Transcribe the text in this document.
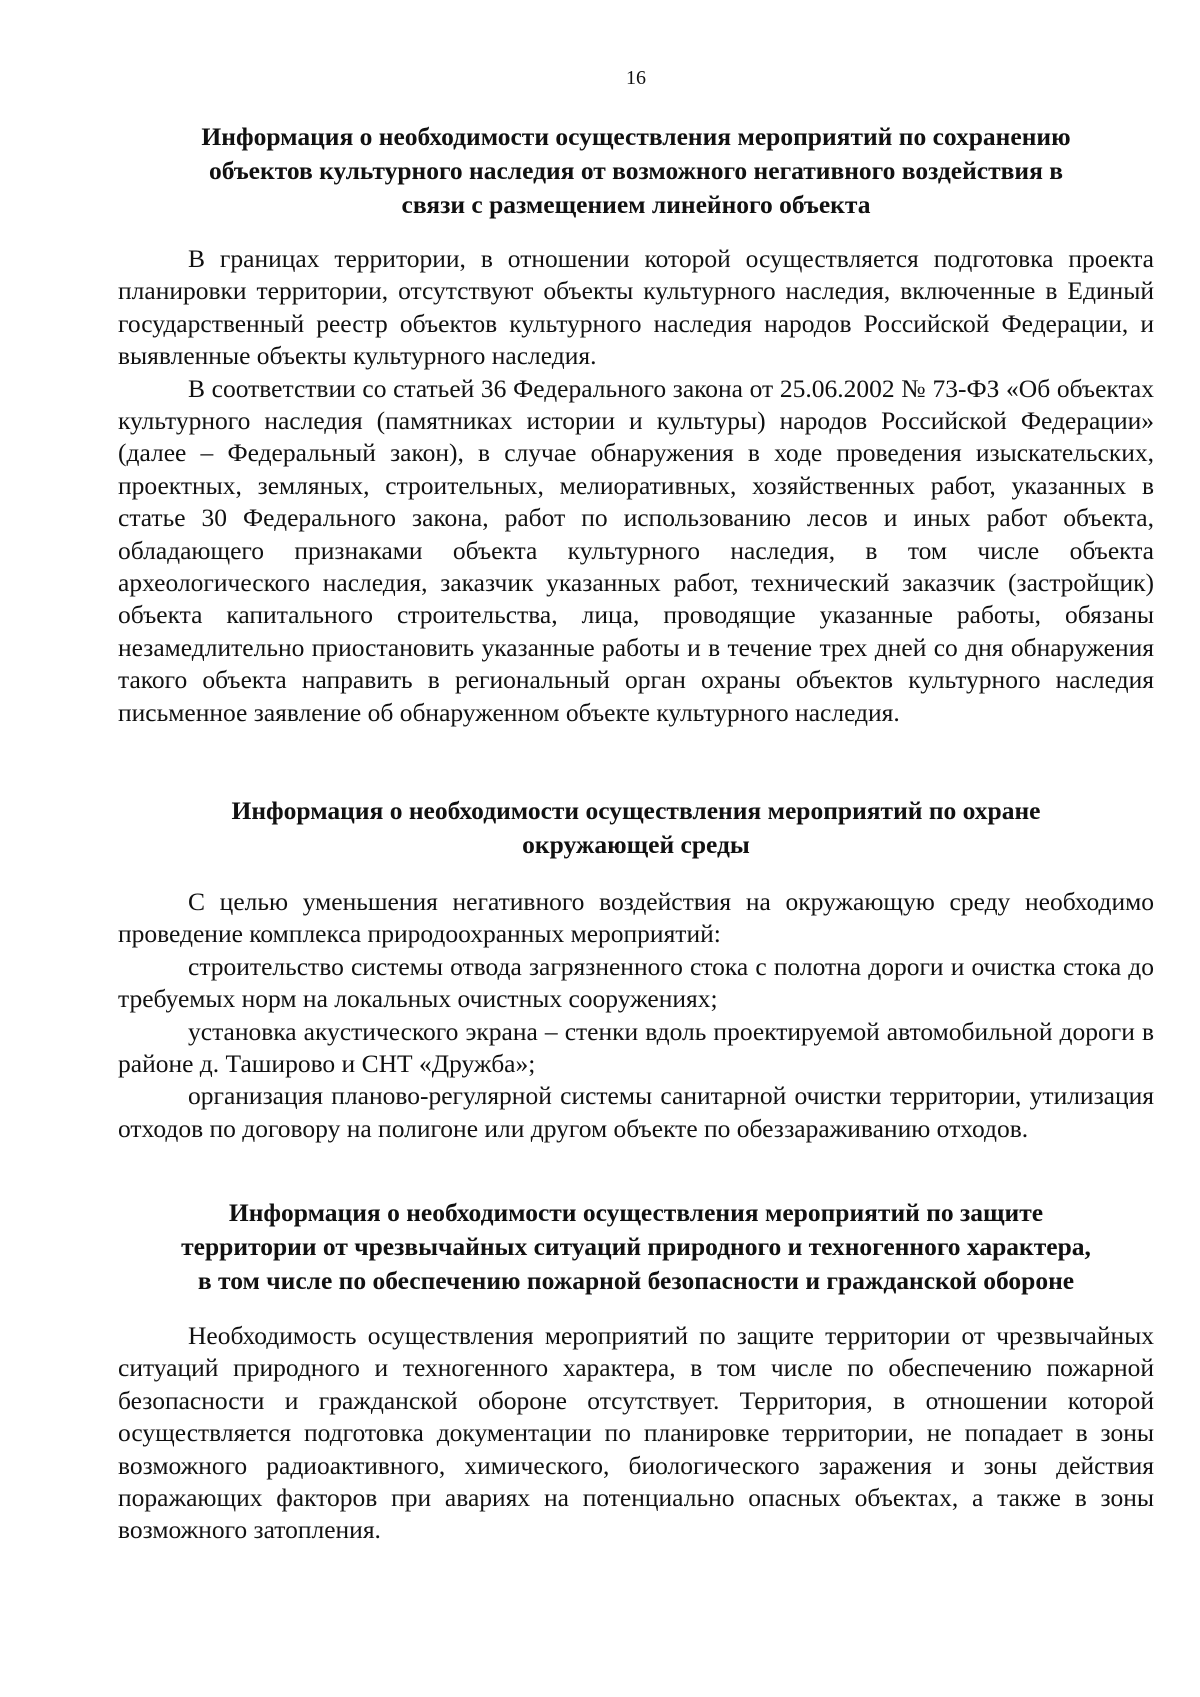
16
Информация о необходимости осуществления мероприятий по сохранению
объектов культурного наследия от возможного негативного воздействия в
связи с размещением линейного объекта

В границах территории, в отношении которой осуществляется подготовка проекта планировки территории, отсутствуют объекты культурного наследия, включенные в Единый государственный реестр объектов культурного наследия народов Российской Федерации, и выявленные объекты культурного наследия.

В соответствии со статьей 36 Федерального закона от 25.06.2002 № 73-ФЗ «Об объектах культурного наследия (памятниках истории и культуры) народов Российской Федерации» (далее – Федеральный закон), в случае обнаружения в ходе проведения изыскательских, проектных, земляных, строительных, мелиоративных, хозяйственных работ, указанных в статье 30 Федерального закона, работ по использованию лесов и иных работ объекта, обладающего признаками объекта культурного наследия, в том числе объекта археологического наследия, заказчик указанных работ, технический заказчик (застройщик) объекта капитального строительства, лица, проводящие указанные работы, обязаны незамедлительно приостановить указанные работы и в течение трех дней со дня обнаружения такого объекта направить в региональный орган охраны объектов культурного наследия письменное заявление об обнаруженном объекте культурного наследия.

Информация о необходимости осуществления мероприятий по охране
окружающей среды

С целью уменьшения негативного воздействия на окружающую среду необходимо проведение комплекса природоохранных мероприятий:

строительство системы отвода загрязненного стока с полотна дороги и очистка стока до требуемых норм на локальных очистных сооружениях;

установка акустического экрана – стенки вдоль проектируемой автомобильной дороги в районе д. Таширово и СНТ «Дружба»;

организация планово-регулярной системы санитарной очистки территории, утилизация отходов по договору на полигоне или другом объекте по обеззараживанию отходов.

Информация о необходимости осуществления мероприятий по защите
территории от чрезвычайных ситуаций природного и техногенного характера,
в том числе по обеспечению пожарной безопасности и гражданской обороне

Необходимость осуществления мероприятий по защите территории от чрезвычайных ситуаций природного и техногенного характера, в том числе по обеспечению пожарной безопасности и гражданской обороне отсутствует. Территория, в отношении которой осуществляется подготовка документации по планировке территории, не попадает в зоны возможного радиоактивного, химического, биологического заражения и зоны действия поражающих факторов при авариях на потенциально опасных объектах, а также в зоны возможного затопления.
